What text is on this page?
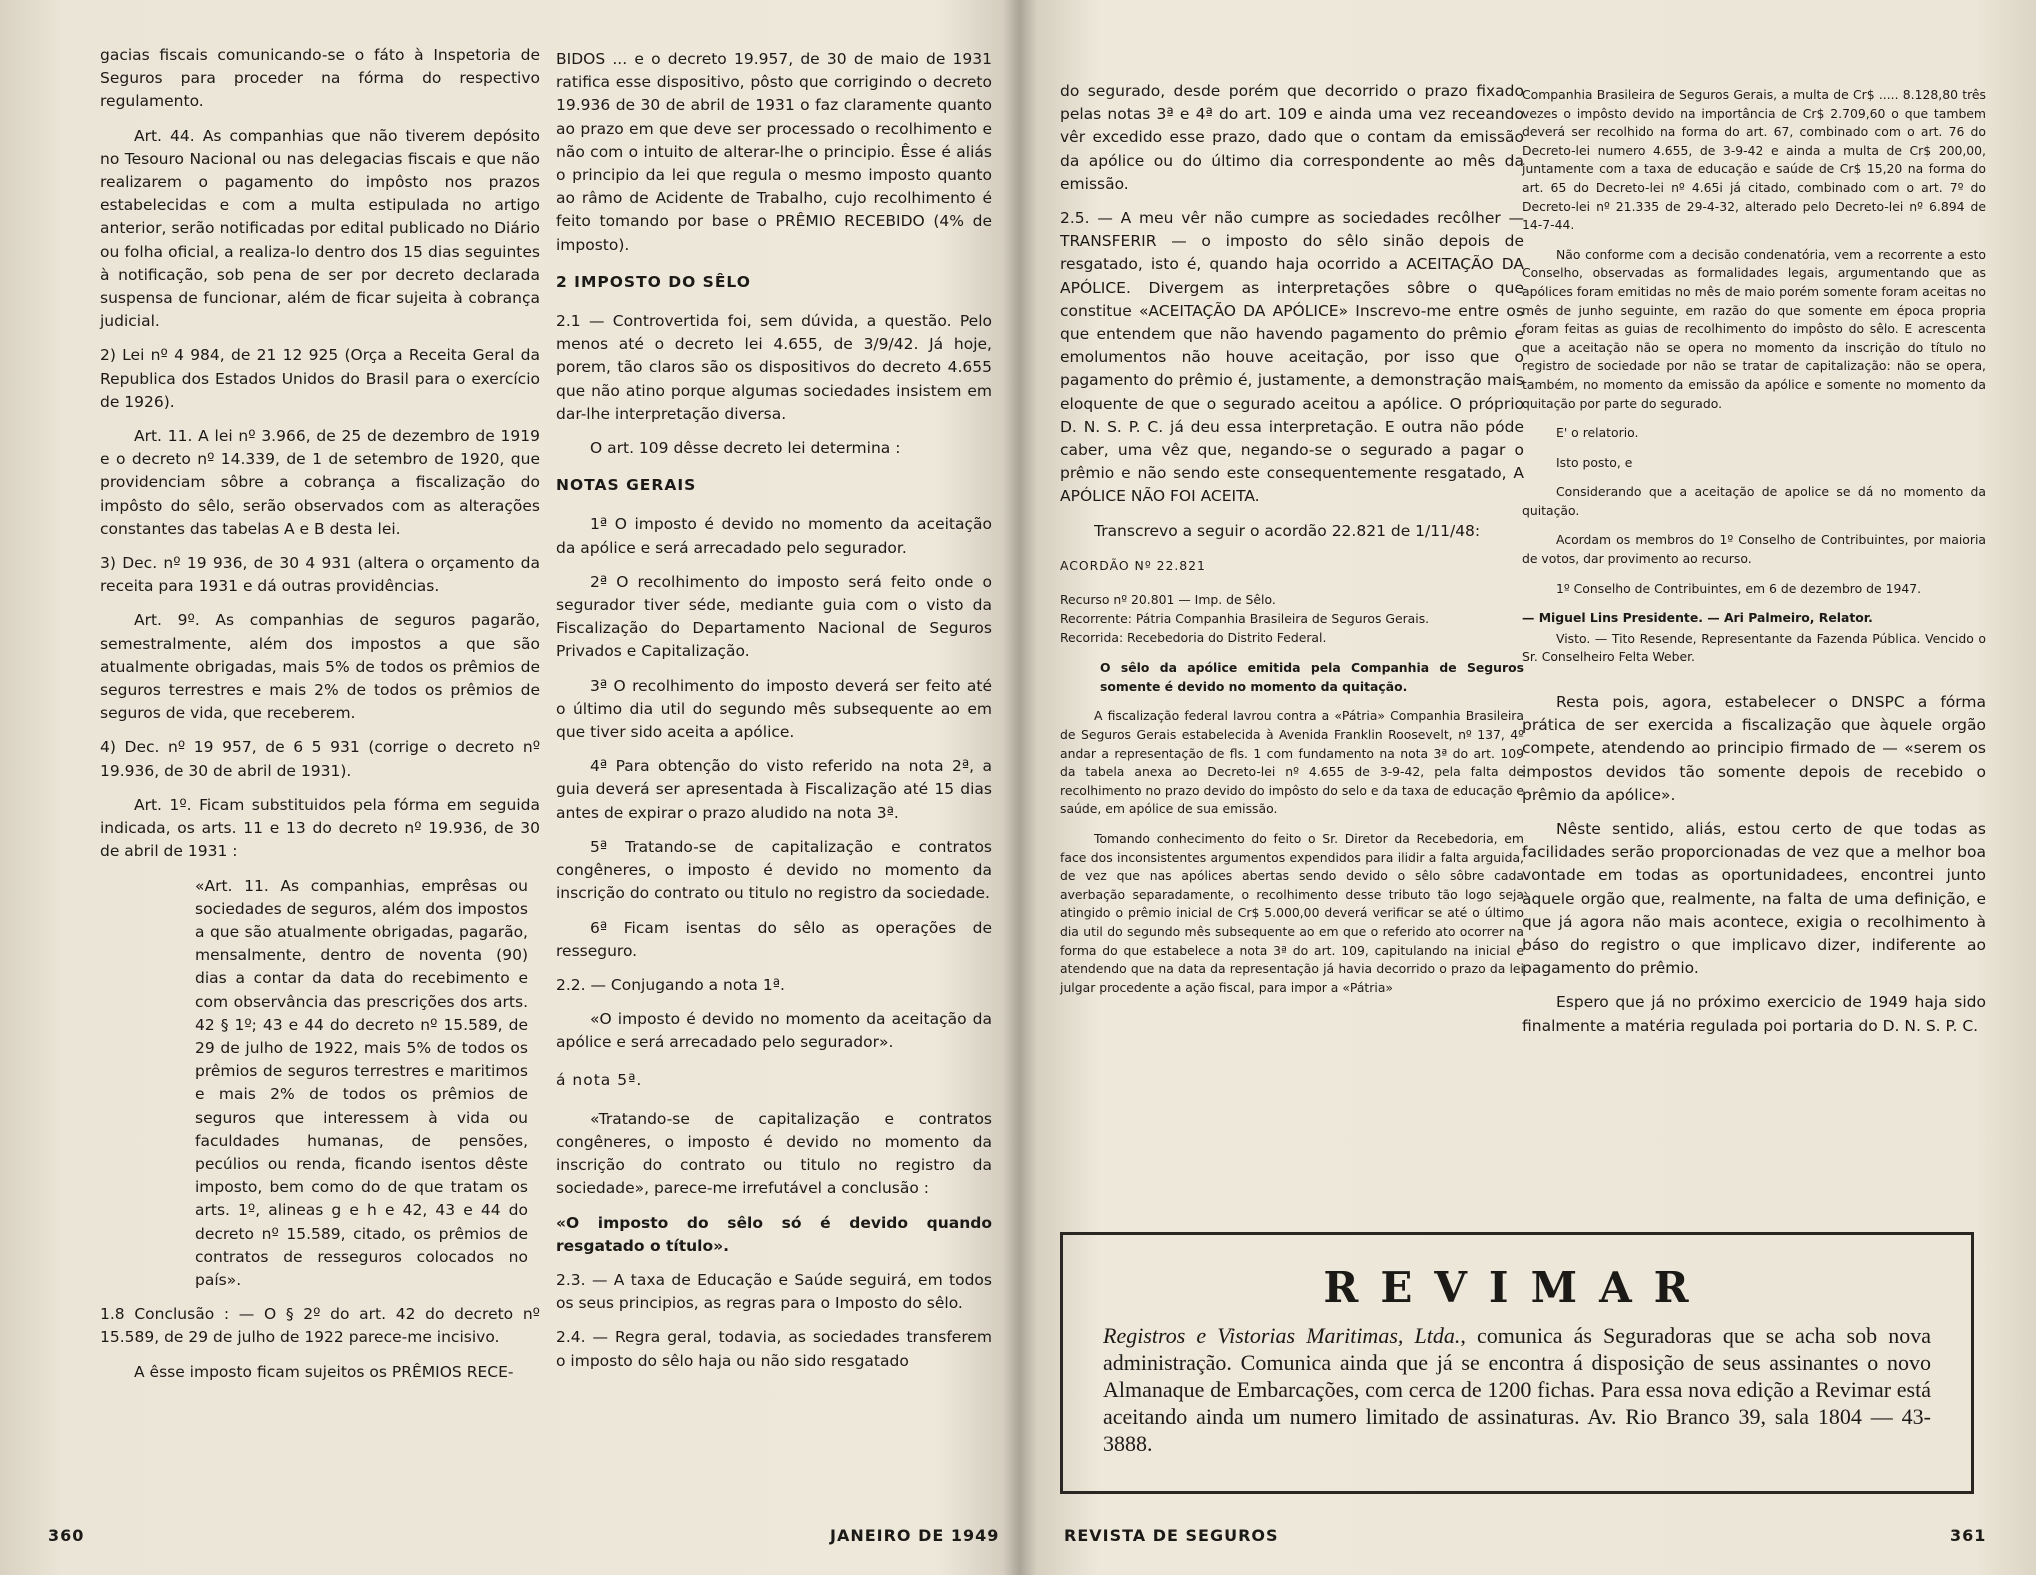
gacias fiscais comunicando-se o fáto à Inspetoria de Seguros para proceder na fórma do respectivo regulamento.

Art. 44. As companhias que não tiverem depósito no Tesouro Nacional ou nas delegacias fiscais e que não realizarem o pagamento do impôsto nos prazos estabelecidas e com a multa estipulada no artigo anterior, serão notificadas por edital publicado no Diário ou folha oficial, a realiza-lo dentro dos 15 dias seguintes à notificação, sob pena de ser por decreto declarada suspensa de funcionar, além de ficar sujeita à cobrança judicial.

2) Lei nº 4 984, de 21 12 925 (Orça a Receita Geral da Republica dos Estados Unidos do Brasil para o exercício de 1926).

Art. 11. A lei nº 3.966, de 25 de dezembro de 1919 e o decreto nº 14.339, de 1 de setembro de 1920, que providenciam sôbre a cobrança a fiscalização do impôsto do sêlo, serão observados com as alterações constantes das tabelas A e B desta lei.

3) Dec. nº 19 936, de 30 4 931 (altera o orçamento da receita para 1931 e dá outras providências.

Art. 9º. As companhias de seguros pagarão, semestralmente, além dos impostos a que são atualmente obrigadas, mais 5% de todos os prêmios de seguros terrestres e mais 2% de todos os prêmios de seguros de vida, que receberem.

4) Dec. nº 19 957, de 6 5 931 (corrige o decreto nº 19.936, de 30 de abril de 1931).

Art. 1º. Ficam substituidos pela fórma em seguida indicada, os arts. 11 e 13 do decreto nº 19.936, de 30 de abril de 1931 :

«Art. 11. As companhias, emprêsas ou sociedades de seguros, além dos impostos a que são atualmente obrigadas, pagarão, mensalmente, dentro de noventa (90) dias a contar da data do recebimento e com observância das prescrições dos arts. 42 § 1º; 43 e 44 do decreto nº 15.589, de 29 de julho de 1922, mais 5% de todos os prêmios de seguros terrestres e maritimos e mais 2% de todos os prêmios de seguros que interessem à vida ou faculdades humanas, de pensões, pecúlios ou renda, ficando isentos dêste imposto, bem como do de que tratam os arts. 1º, alineas g e h e 42, 43 e 44 do decreto nº 15.589, citado, os prêmios de contratos de resseguros colocados no país».

1.8 Conclusão : — O § 2º do art. 42 do decreto nº 15.589, de 29 de julho de 1922 parece-me incisivo.

A êsse imposto ficam sujeitos os PRÊMIOS RECE-

BIDOS ... e o decreto 19.957, de 30 de maio de 1931 ratifica esse dispositivo, pôsto que corrigindo o decreto 19.936 de 30 de abril de 1931 o faz claramente quanto ao prazo em que deve ser processado o recolhimento e não com o intuito de alterar-lhe o principio. Êsse é aliás o principio da lei que regula o mesmo imposto quanto ao râmo de Acidente de Trabalho, cujo recolhimento é feito tomando por base o PRÊMIO RECEBIDO (4% de imposto).

2 IMPOSTO DO SÊLO

2.1 — Controvertida foi, sem dúvida, a questão. Pelo menos até o decreto lei 4.655, de 3/9/42. Já hoje, porem, tão claros são os dispositivos do decreto 4.655 que não atino porque algumas sociedades insistem em dar-lhe interpretação diversa.

O art. 109 dêsse decreto lei determina :

NOTAS GERAIS

1ª O imposto é devido no momento da aceitação da apólice e será arrecadado pelo segurador.

2ª O recolhimento do imposto será feito onde o segurador tiver séde, mediante guia com o visto da Fiscalização do Departamento Nacional de Seguros Privados e Capitalização.

3ª O recolhimento do imposto deverá ser feito até o último dia util do segundo mês subsequente ao em que tiver sido aceita a apólice.

4ª Para obtenção do visto referido na nota 2ª, a guia deverá ser apresentada à Fiscalização até 15 dias antes de expirar o prazo aludido na nota 3ª.

5ª Tratando-se de capitalização e contratos congêneres, o imposto é devido no momento da inscrição do contrato ou titulo no registro da sociedade.

6ª Ficam isentas do sêlo as operações de resseguro.

2.2. — Conjugando a nota 1ª.

«O imposto é devido no momento da aceitação da apólice e será arrecadado pelo segurador».

á nota 5ª.

«Tratando-se de capitalização e contratos congêneres, o imposto é devido no momento da inscrição do contrato ou titulo no registro da sociedade», parece-me irrefutável a conclusão :

«O imposto do sêlo só é devido quando resgatado o título».

2.3. — A taxa de Educação e Saúde seguirá, em todos os seus principios, as regras para o Imposto do sêlo.

2.4. — Regra geral, todavia, as sociedades transferem o imposto do sêlo haja ou não sido resgatado

360	JANEIRO DE 1949

do segurado, desde porém que decorrido o prazo fixado pelas notas 3ª e 4ª do art. 109 e ainda uma vez receando vêr excedido esse prazo, dado que o contam da emissão da apólice ou do último dia correspondente ao mês da emissão.

2.5. — A meu vêr não cumpre as sociedades recôlher — TRANSFERIR — o imposto do sêlo sinão depois de resgatado, isto é, quando haja ocorrido a ACEITAÇÃO DA APÓLICE. Divergem as interpretações sôbre o que constitue «ACEITAÇÃO DA APÓLICE» Inscrevo-me entre os que entendem que não havendo pagamento do prêmio e emolumentos não houve aceitação, por isso que o pagamento do prêmio é, justamente, a demonstração mais eloquente de que o segurado aceitou a apólice. O próprio D. N. S. P. C. já deu essa interpretação. E outra não póde caber, uma vêz que, negando-se o segurado a pagar o prêmio e não sendo este consequentemente resgatado, A APÓLICE NÃO FOI ACEITA.

Transcrevo a seguir o acordão 22.821 de 1/11/48:

ACORDÃO Nº 22.821

Recurso nº 20.801 — Imp. de Sêlo.

Recorrente: Pátria Companhia Brasileira de Seguros Gerais.

Recorrida: Recebedoria do Distrito Federal.

O sêlo da apólice emitida pela Companhia de Seguros somente é devido no momento da quitação.

A fiscalização federal lavrou contra a «Pátria» Companhia Brasileira de Seguros Gerais estabelecida à Avenida Franklin Roosevelt, nº 137, 4º andar a representação de fls. 1 com fundamento na nota 3ª do art. 109 da tabela anexa ao Decreto-lei nº 4.655 de 3-9-42, pela falta de recolhimento no prazo devido do impôsto do selo e da taxa de educação e saúde, em apólice de sua emissão.

Tomando conhecimento do feito o Sr. Diretor da Recebedoria, em face dos inconsistentes argumentos expendidos para ilidir a falta arguida, de vez que nas apólices abertas sendo devido o sêlo sôbre cada averbação separadamente, o recolhimento desse tributo tão logo seja atingido o prêmio inicial de Cr$ 5.000,00 deverá verificar se até o último dia util do segundo mês subsequente ao em que o referido ato ocorrer na forma do que estabelece a nota 3ª do art. 109, capitulando na inicial e atendendo que na data da representação já havia decorrido o prazo da lei julgar procedente a ação fiscal, para impor a «Pátria»

Companhia Brasileira de Seguros Gerais, a multa de Cr$ ..... 8.128,80 três vezes o impôsto devido na importância de Cr$ 2.709,60 o que tambem deverá ser recolhido na forma do art. 67, combinado com o art. 76 do Decreto-lei numero 4.655, de 3-9-42 e ainda a multa de Cr$ 200,00, juntamente com a taxa de educação e saúde de Cr$ 15,20 na forma do art. 65 do Decreto-lei nº 4.65i já citado, combinado com o art. 7º do Decreto-lei nº 21.335 de 29-4-32, alterado pelo Decreto-lei nº 6.894 de 14-7-44.

Não conforme com a decisão condenatória, vem a recorrente a esto Conselho, observadas as formalidades legais, argumentando que as apólices foram emitidas no mês de maio porém somente foram aceitas no mês de junho seguinte, em razão do que somente em época propria foram feitas as guias de recolhimento do impôsto do sêlo. E acrescenta que a aceitação não se opera no momento da inscrição do título no registro de sociedade por não se tratar de capitalização: não se opera, também, no momento da emissão da apólice e somente no momento da quitação por parte do segurado.

E' o relatorio.

Isto posto, e

Considerando que a aceitação de apolice se dá no momento da quitação.

Acordam os membros do 1º Conselho de Contribuintes, por maioria de votos, dar provimento ao recurso.

1º Conselho de Contribuintes, em 6 de dezembro de 1947.

— Miguel Lins Presidente. — Ari Palmeiro, Relator.

Visto. — Tito Resende, Representante da Fazenda Pública. Vencido o Sr. Conselheiro Felta Weber.

Resta pois, agora, estabelecer o DNSPC a fórma prática de ser exercida a fiscalização que àquele orgão compete, atendendo ao principio firmado de — «serem os impostos devidos tão somente depois de recebido o prêmio da apólice».

Nêste sentido, aliás, estou certo de que todas as facilidades serão proporcionadas de vez que a melhor boa vontade em todas as oportunidadees, encontrei junto àquele orgão que, realmente, na falta de uma definição, e que já agora não mais acontece, exigia o recolhimento à báso do registro o que implicavo dizer, indiferente ao pagamento do prêmio.

Espero que já no próximo exercicio de 1949 haja sido finalmente a matéria regulada poi portaria do D. N. S. P. C.

REVISTA DE SEGUROS	361

REVIMAR

Registros e Vistorias Maritimas, Ltda., comunica ás Seguradoras que se acha sob nova administração. Comunica ainda que já se encontra á disposição de seus assinantes o novo Almanaque de Embarcações, com cerca de 1200 fichas. Para essa nova edição a Revimar está aceitando ainda um numero limitado de assinaturas. Av. Rio Branco 39, sala 1804 — 43-3888.
